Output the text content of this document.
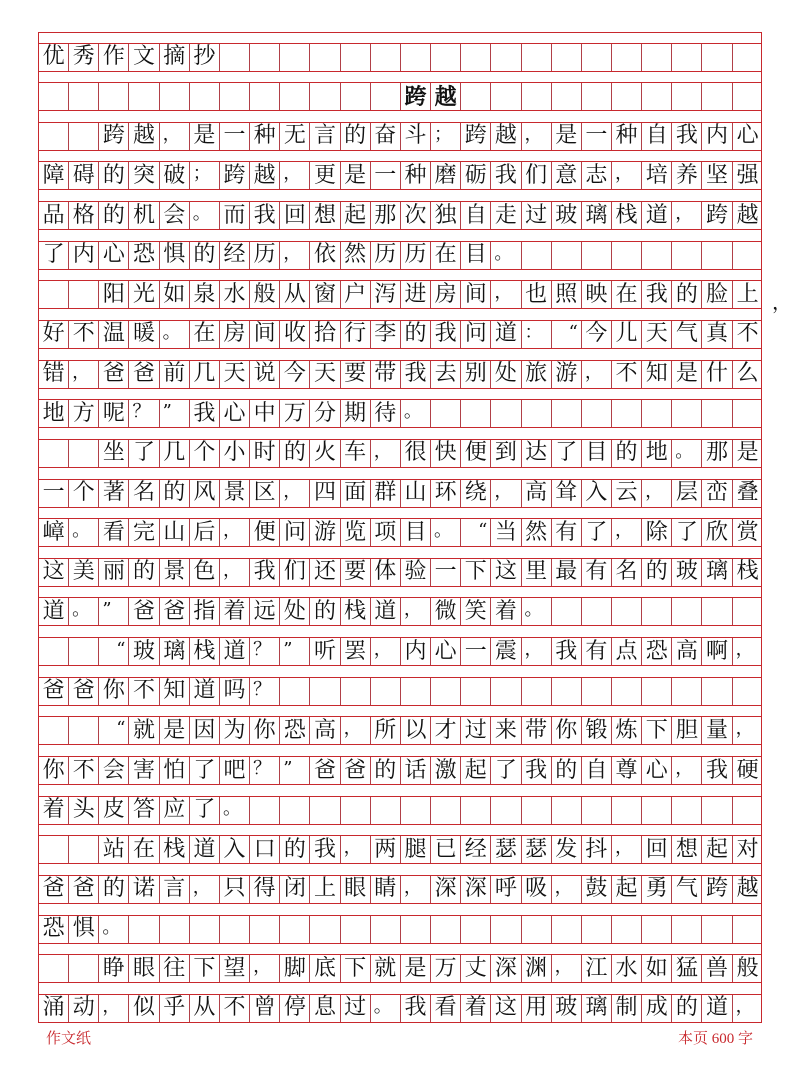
优 秀 作 文 摘 抄
跨 越
跨 越 ， 是 一 种 无 言 的 奋 斗 ； 跨 越 ， 是 一 种 自 我 内 心
障 碍 的 突 破 ； 跨 越 ， 更 是 一 种 磨 砺 我 们 意 志 ， 培 养 坚 强
品 格 的 机 会 。 而 我 回 想 起 那 次 独 自 走 过 玻 璃 栈 道 ， 跨 越
了 内 心 恐 惧 的 经 历 ， 依 然 历 历 在 目 。
阳 光 如 泉 水 般 从 窗 户 泻 进 房 间 ， 也 照 映 在 我 的 脸 上
好 不 温 暖 。 在 房 间 收 拾 行 李 的 我 问 道 ：	“ 今 儿 天 气 真 不
错 ， 爸 爸 前 几 天 说 今 天 要 带 我 去 别 处 旅 游 ， 不 知 是 什 么
地 方 呢 ？ ” 我 心 中 万 分 期 待 。
坐 了 几 个 小 时 的 火 车 ， 很 快 便 到 达 了 目 的 地 。 那 是
一 个 著 名 的 风 景 区 ， 四 面 群 山 环 绕 ， 高 耸 入 云 ， 层 峦 叠
嶂 。 看 完 山 后 ， 便 问 游 览 项 目 。	“ 当 然 有 了 ， 除 了 欣 赏
这 美 丽 的 景 色 ， 我 们 还 要 体 验 一 下 这 里 最 有 名 的 玻 璃 栈
道 。 ” 爸 爸 指 着 远 处 的 栈 道 ， 微 笑 着 。
“ 玻 璃 栈 道 ？ ” 听 罢 ， 内 心 一 震 ， 我 有 点 恐 高 啊 ，
爸 爸 你 不 知 道 吗 ？
“ 就 是 因 为 你 恐 高 ， 所 以 才 过 来 带 你 锻 炼 下 胆 量 ，
你 不 会 害 怕 了 吧 ？ ” 爸 爸 的 话 激 起 了 我 的 自 尊 心 ， 我 硬
着 头 皮 答 应 了 。
站 在 栈 道 入 口 的 我 ， 两 腿 已 经 瑟 瑟 发 抖 ， 回 想 起 对
爸 爸 的 诺 言 ， 只 得 闭 上 眼 睛 ， 深 深 呼 吸 ， 鼓 起 勇 气 跨 越
恐 惧 。
睁 眼 往 下 望 ， 脚 底 下 就 是 万 丈 深 渊 ， 江 水 如 猛 兽 般
涌 动 ， 似 乎 从 不 曾 停 息 过 。 我 看 着 这 用 玻 璃 制 成 的 道 ，
作文纸	本页 600 字
，
